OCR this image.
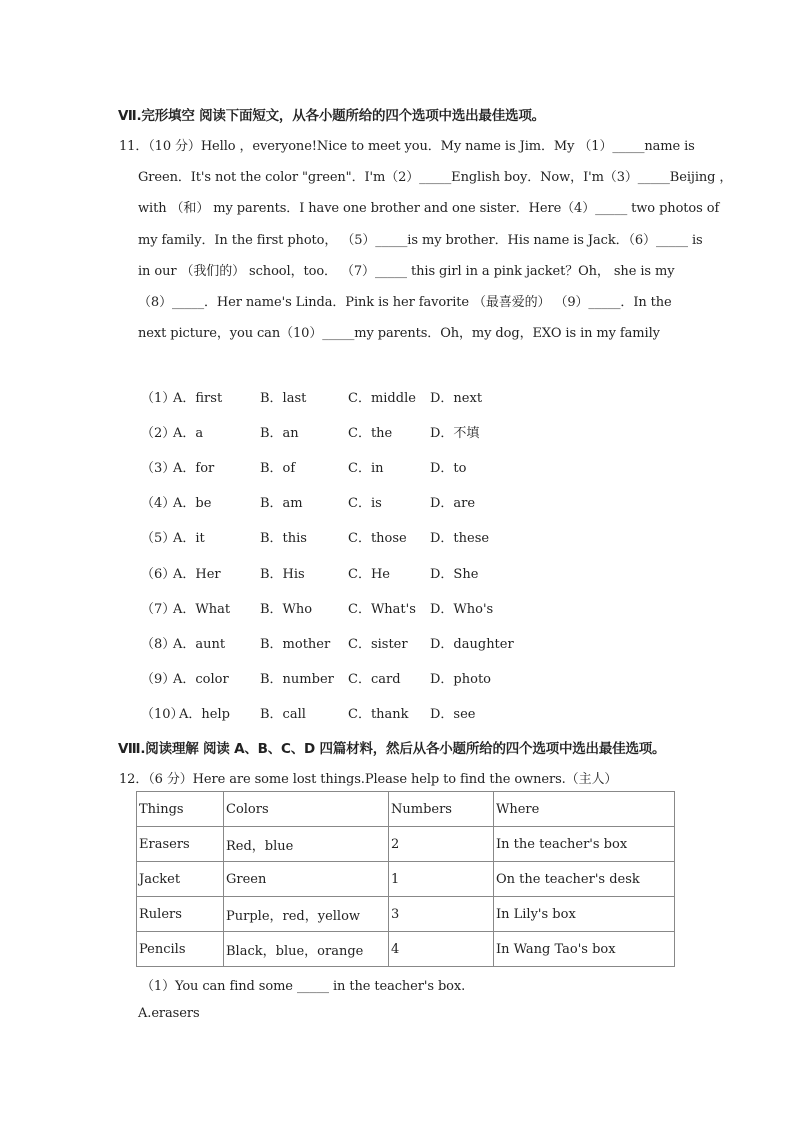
Ⅶ.完形填空 阅读下面短文，从各小题所给的四个选项中选出最佳选项。
11．（10 分）Hello ，everyone!Nice to meet you．My name is Jim．My （1）_____name is
Green．It's not the color "green"．I'm（2）_____English boy．Now，I'm（3）_____Beijing ，
with （和） my parents．I have one brother and one sister．Here（4）_____ two photos of
my family．In the first photo， （5）_____is my brother．His name is Jack．（6）_____ is
in our （我们的） school，too． （7）_____ this girl in a pink jacket？Oh， she is my
（8）_____．Her name's Linda．Pink is her favorite （最喜爱的） （9）_____．In the
next picture，you can（10）_____my parents．Oh，my dog，EXO is in my family
（1）
A．first	B．last	C．middle D．next
（2）
A．a	B．an	C．the	D．不填
（3）
A．for	B．of	C．in	D．to
（4）
A．be	B．am	C．is	D．are
（5）
A．it	B．this	C．those D．these
（6）
A．Her	B．His	C．He	D．She
（7）
A．What B．Who	C．What's D．Who's
（8）
A．aunt	B．mother C．sister D．daughter
（9）
A．color B．number C．card D．photo
（10）
A．help B．call	C．thank D．see
Ⅷ.阅读理解 阅读 A、B、C、D 四篇材料，然后从各小题所给的四个选项中选出最佳选项。
12．（6 分）Here are some lost things.Please help to find the owners.（主人）
Things	Colors	Numbers	Where
Erasers	Red，blue	2	In the teacher's box
Jacket	Green	1	On the teacher's desk
Rulers	Purple，red，yellow	3	In Lily's box
Pencils	Black，blue，orange	4	In Wang Tao's box
（1）You can find some _____ in the teacher's box.
A.erasers
